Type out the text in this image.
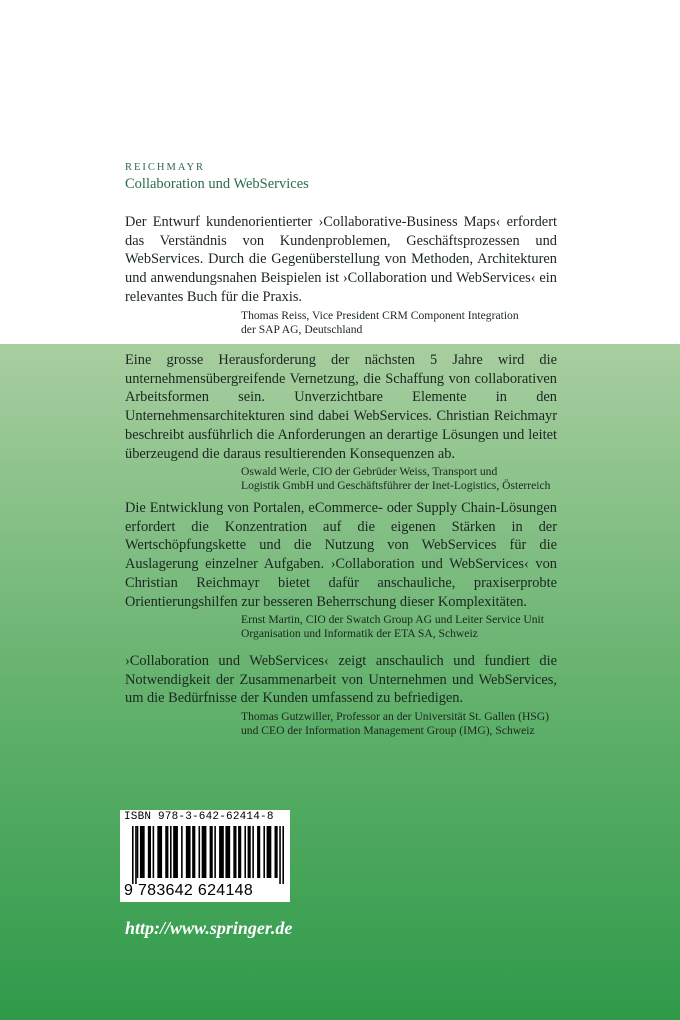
REICHMAYR
Collaboration und WebServices

Der Entwurf kundenorientierter ›Collaborative-Business Maps‹ erfordert das Verständnis von Kundenproblemen, Geschäftsprozessen und WebServices. Durch die Gegenüberstellung von Methoden, Architekturen und anwendungsnahen Beispielen ist ›Collaboration und WebServices‹ ein relevantes Buch für die Praxis.

Thomas Reiss, Vice President CRM Component Integration
der SAP AG, Deutschland

Eine grosse Herausforderung der nächsten 5 Jahre wird die unternehmensübergreifende Vernetzung, die Schaffung von collaborativen Arbeitsformen sein. Unverzichtbare Elemente in den Unternehmensarchitekturen sind dabei WebServices. Christian Reichmayr beschreibt ausführlich die Anforderungen an derartige Lösungen und leitet überzeugend die daraus resultierenden Konsequenzen ab.

Oswald Werle, CIO der Gebrüder Weiss, Transport und
Logistik GmbH und Geschäftsführer der Inet-Logistics, Österreich

Die Entwicklung von Portalen, eCommerce- oder Supply Chain-Lösungen erfordert die Konzentration auf die eigenen Stärken in der Wertschöpfungskette und die Nutzung von WebServices für die Auslagerung einzelner Aufgaben. ›Collaboration und WebServices‹ von Christian Reichmayr bietet dafür anschauliche, praxiserprobte Orientierungshilfen zur besseren Beherrschung dieser Komplexitäten.

Ernst Martin, CIO der Swatch Group AG und Leiter Service Unit
Organisation und Informatik der ETA SA, Schweiz

›Collaboration und WebServices‹ zeigt anschaulich und fundiert die Notwendigkeit der Zusammenarbeit von Unternehmen und WebServices, um die Bedürfnisse der Kunden umfassend zu befriedigen.

Thomas Gutzwiller, Professor an der Universität St. Gallen (HSG)
und CEO der Information Management Group (IMG), Schweiz
ISBN 978-3-642-62414-8
9 783642 624148
http://www.springer.de
